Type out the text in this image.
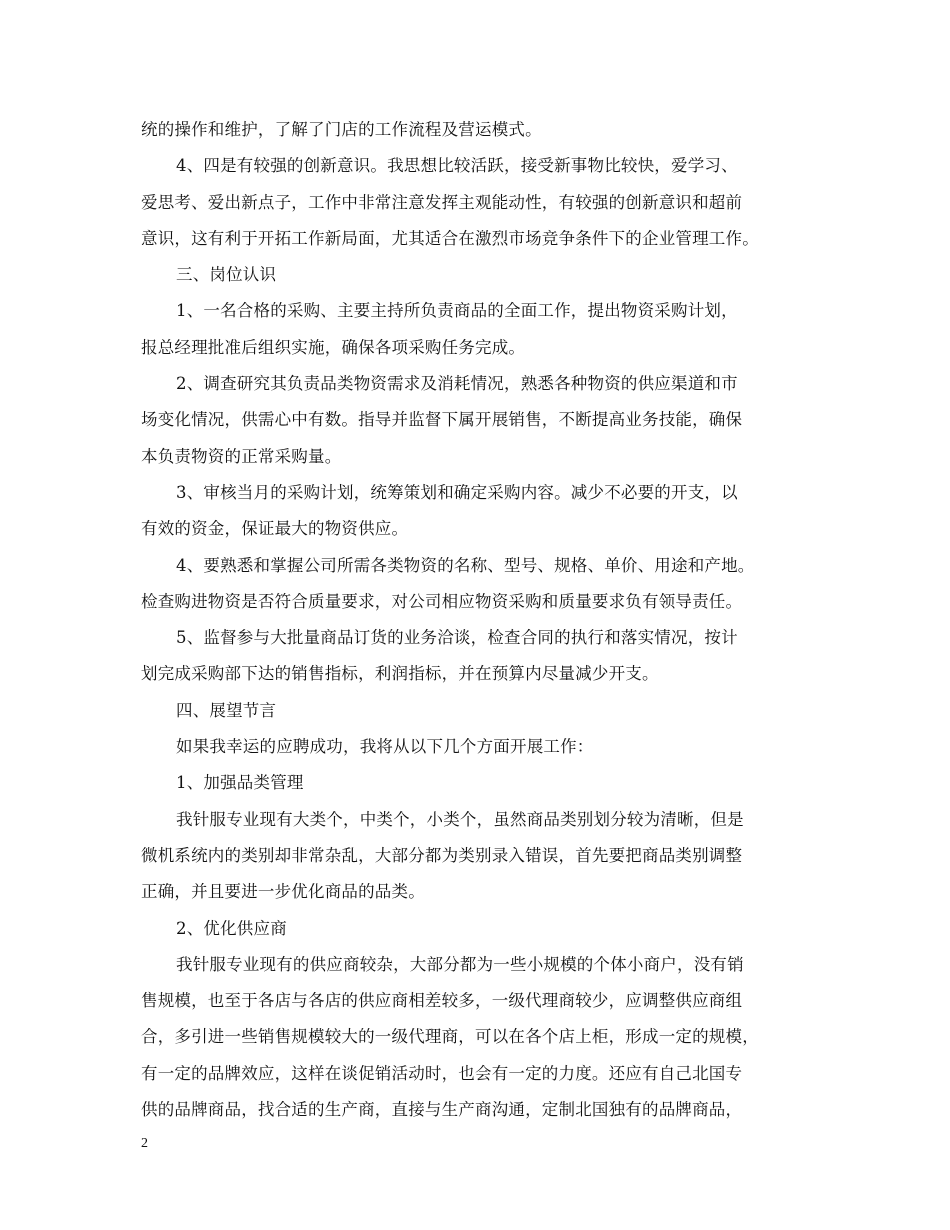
统的操作和维护，了解了门店的工作流程及营运模式。
4、四是有较强的创新意识。我思想比较活跃，接受新事物比较快，爱学习、
爱思考、爱出新点子，工作中非常注意发挥主观能动性，有较强的创新意识和超前
意识，这有利于开拓工作新局面，尤其适合在激烈市场竞争条件下的企业管理工作。
三、岗位认识
1、一名合格的采购、主要主持所负责商品的全面工作，提出物资采购计划，
报总经理批准后组织实施，确保各项采购任务完成。
2、调查研究其负责品类物资需求及消耗情况，熟悉各种物资的供应渠道和市
场变化情况，供需心中有数。指导并监督下属开展销售，不断提高业务技能，确保
本负责物资的正常采购量。
3、审核当月的采购计划，统筹策划和确定采购内容。减少不必要的开支，以
有效的资金，保证最大的物资供应。
4、要熟悉和掌握公司所需各类物资的名称、型号、规格、单价、用途和产地。
检查购进物资是否符合质量要求，对公司相应物资采购和质量要求负有领导责任。
5、监督参与大批量商品订货的业务洽谈，检查合同的执行和落实情况，按计
划完成采购部下达的销售指标，利润指标，并在预算内尽量减少开支。
四、展望节言
如果我幸运的应聘成功，我将从以下几个方面开展工作：
1、加强品类管理
我针服专业现有大类个，中类个，小类个，虽然商品类别划分较为清晰，但是
微机系统内的类别却非常杂乱，大部分都为类别录入错误，首先要把商品类别调整
正确，并且要进一步优化商品的品类。
2、优化供应商
我针服专业现有的供应商较杂，大部分都为一些小规模的个体小商户，没有销
售规模，也至于各店与各店的供应商相差较多，一级代理商较少，应调整供应商组
合，多引进一些销售规模较大的一级代理商，可以在各个店上柜，形成一定的规模，
有一定的品牌效应，这样在谈促销活动时，也会有一定的力度。还应有自己北国专
供的品牌商品，找合适的生产商，直接与生产商沟通，定制北国独有的品牌商品，
2
